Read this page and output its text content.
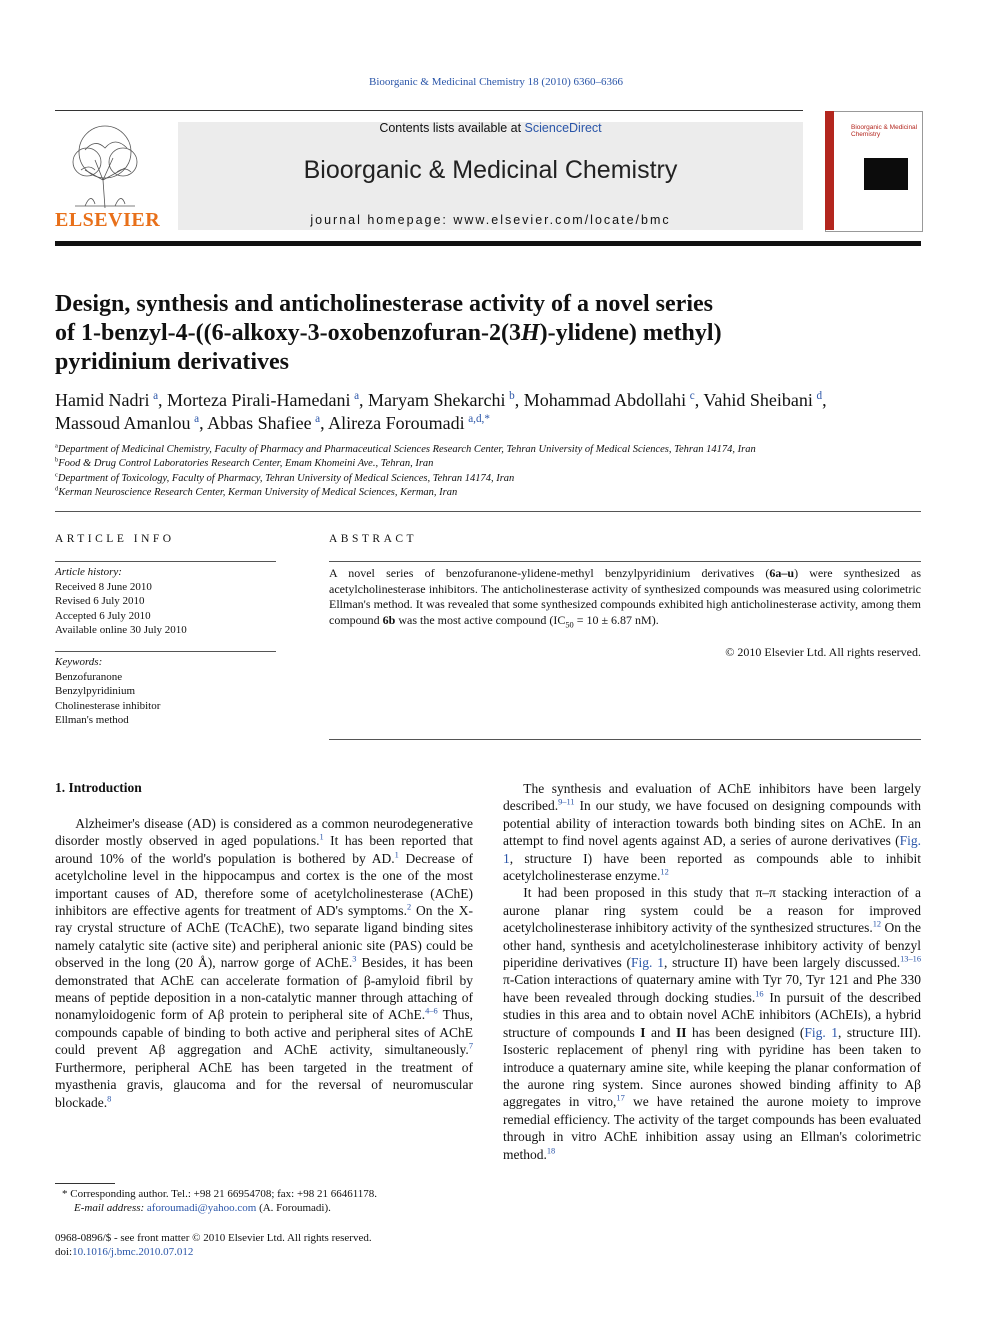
Bioorganic & Medicinal Chemistry 18 (2010) 6360–6366
ELSEVIER
Contents lists available at ScienceDirect
Bioorganic & Medicinal Chemistry
journal homepage: www.elsevier.com/locate/bmc
Bioorganic & Medicinal Chemistry
Design, synthesis and anticholinesterase activity of a novel series
of 1-benzyl-4-((6-alkoxy-3-oxobenzofuran-2(3H)-ylidene) methyl)
pyridinium derivatives
Hamid Nadri  $^a$, Morteza Pirali-Hamedani  $^a$, Maryam Shekarchi  $^b$, Mohammad Abdollahi  $^c$, Vahid Sheibani  $^d$,
Massoud Amanlou  $^a$, Abbas Shafiee  $^a$, Alireza Foroumadi  $^{a,d,*}$
$^a$Department of Medicinal Chemistry, Faculty of Pharmacy and Pharmaceutical Sciences Research Center, Tehran University of Medical Sciences, Tehran 14174, Iran
$^b$Food & Drug Control Laboratories Research Center, Emam Khomeini Ave., Tehran, Iran
$^c$Department of Toxicology, Faculty of Pharmacy, Tehran University of Medical Sciences, Tehran 14174, Iran
$^d$Kerman Neuroscience Research Center, Kerman University of Medical Sciences, Kerman, Iran
ARTICLE INFO
Article history:
Received 8 June 2010
Revised 6 July 2010
Accepted 6 July 2010
Available online 30 July 2010
Keywords:
Benzofuranone
Benzylpyridinium
Cholinesterase inhibitor
Ellman's method
ABSTRACT
A novel series of benzofuranone-ylidene-methyl benzylpyridinium derivatives (6a–u) were synthesized as acetylcholinesterase inhibitors. The anticholinesterase activity of synthesized compounds was measured using colorimetric Ellman's method. It was revealed that some synthesized compounds exhibited high anticholinesterase activity, among them compound 6b was the most active compound ($IC_{50} = 10 \pm 6.87$ nM).
© 2010 Elsevier Ltd. All rights reserved.
1. Introduction

Alzheimer's disease (AD) is considered as a common neurodegenerative disorder mostly observed in aged populations.$^1$ It has been reported that around 10% of the world's population is bothered by AD.$^1$ Decrease of acetylcholine level in the hippocampus and cortex is the one of the most important causes of AD, therefore some of acetylcholinesterase (AChE) inhibitors are effective agents for treatment of AD's symptoms.$^2$ On the X-ray crystal structure of AChE (TcAChE), two separate ligand binding sites namely catalytic site (active site) and peripheral anionic site (PAS) could be observed in the long (20 Å), narrow gorge of AChE.$^3$ Besides, it has been demonstrated that AChE can accelerate formation of β-amyloid fibril by means of peptide deposition in a non-catalytic manner through attaching of nonamyloidogenic form of Aβ protein to peripheral site of AChE.$^{4-6}$ Thus, compounds capable of binding to both active and peripheral sites of AChE could prevent Aβ aggregation and AChE activity, simultaneously.$^7$ Furthermore, peripheral AChE has been targeted in the treatment of myasthenia gravis, glaucoma and for the reversal of neuromuscular blockade.$^8$

The synthesis and evaluation of AChE inhibitors have been largely described.$^{9-11}$ In our study, we have focused on designing compounds with potential ability of interaction towards both binding sites on AChE. In an attempt to find novel agents against AD, a series of aurone derivatives (Fig. 1, structure I) have been reported as compounds able to inhibit acetylcholinesterase enzyme.$^{12}$

It had been proposed in this study that π–π stacking interaction of a aurone planar ring system could be a reason for improved acetylcholinesterase inhibitory activity of the synthesized structures.$^{12}$ On the other hand, synthesis and acetylcholinesterase inhibitory activity of benzyl piperidine derivatives (Fig. 1, structure II) have been largely discussed.$^{13-16}$ π-Cation interactions of quaternary amine with Tyr 70, Tyr 121 and Phe 330 have been revealed through docking studies.$^{16}$ In pursuit of the described studies in this area and to obtain novel AChE inhibitors (AChEIs), a hybrid structure of compounds I and II has been designed (Fig. 1, structure III). Isosteric replacement of phenyl ring with pyridine has been taken to introduce a quaternary amine site, while keeping the planar conformation of the aurone ring system. Since aurones showed binding affinity to Aβ aggregates in vitro,$^{17}$ we have retained the aurone moiety to improve remedial efficiency. The activity of the target compounds has been evaluated through in vitro AChE inhibition assay using an Ellman's colorimetric method.$^{18}$

* Corresponding author. Tel.: +98 21 66954708; fax: +98 21 66461178.
E-mail address: aforoumadi@yahoo.com (A. Foroumadi).
0968-0896/$ - see front matter © 2010 Elsevier Ltd. All rights reserved.
doi:10.1016/j.bmc.2010.07.012
